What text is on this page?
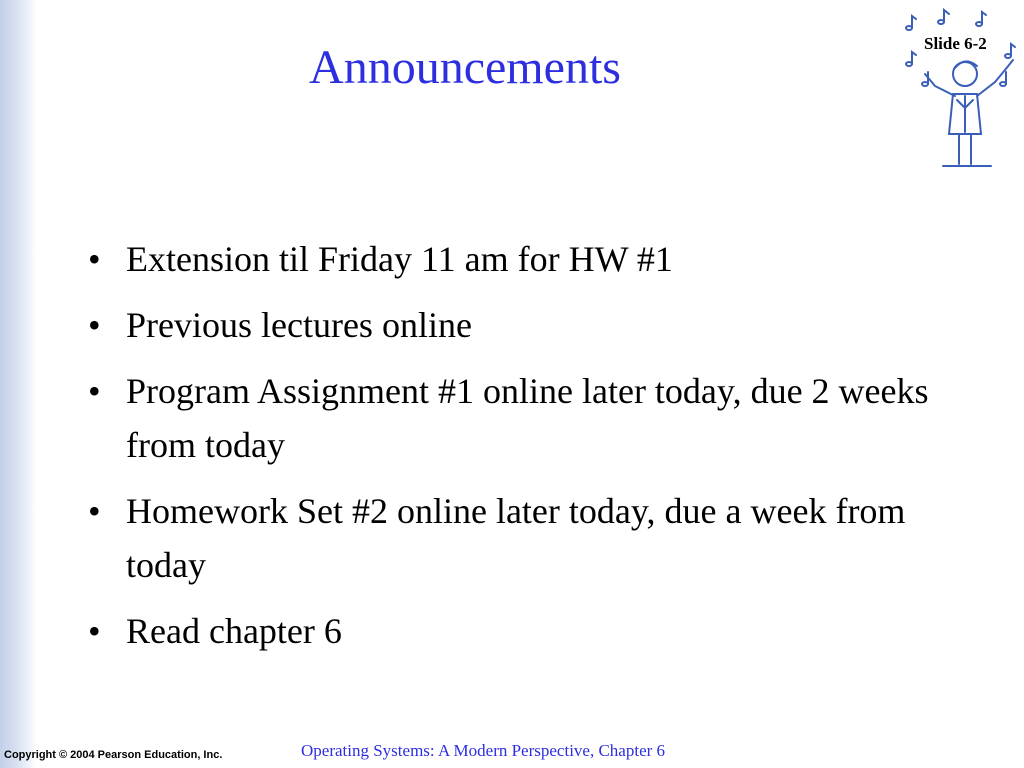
Announcements	Slide 6-2
• Extension til Friday 11 am for HW #1
• Previous lectures online
• Program Assignment #1 online later today, due 2 weeks from today
• Homework Set #2 online later today, due a week from today
• Read chapter 6
Copyright © 2004 Pearson Education, Inc.	Operating Systems: A Modern Perspective, Chapter 6
